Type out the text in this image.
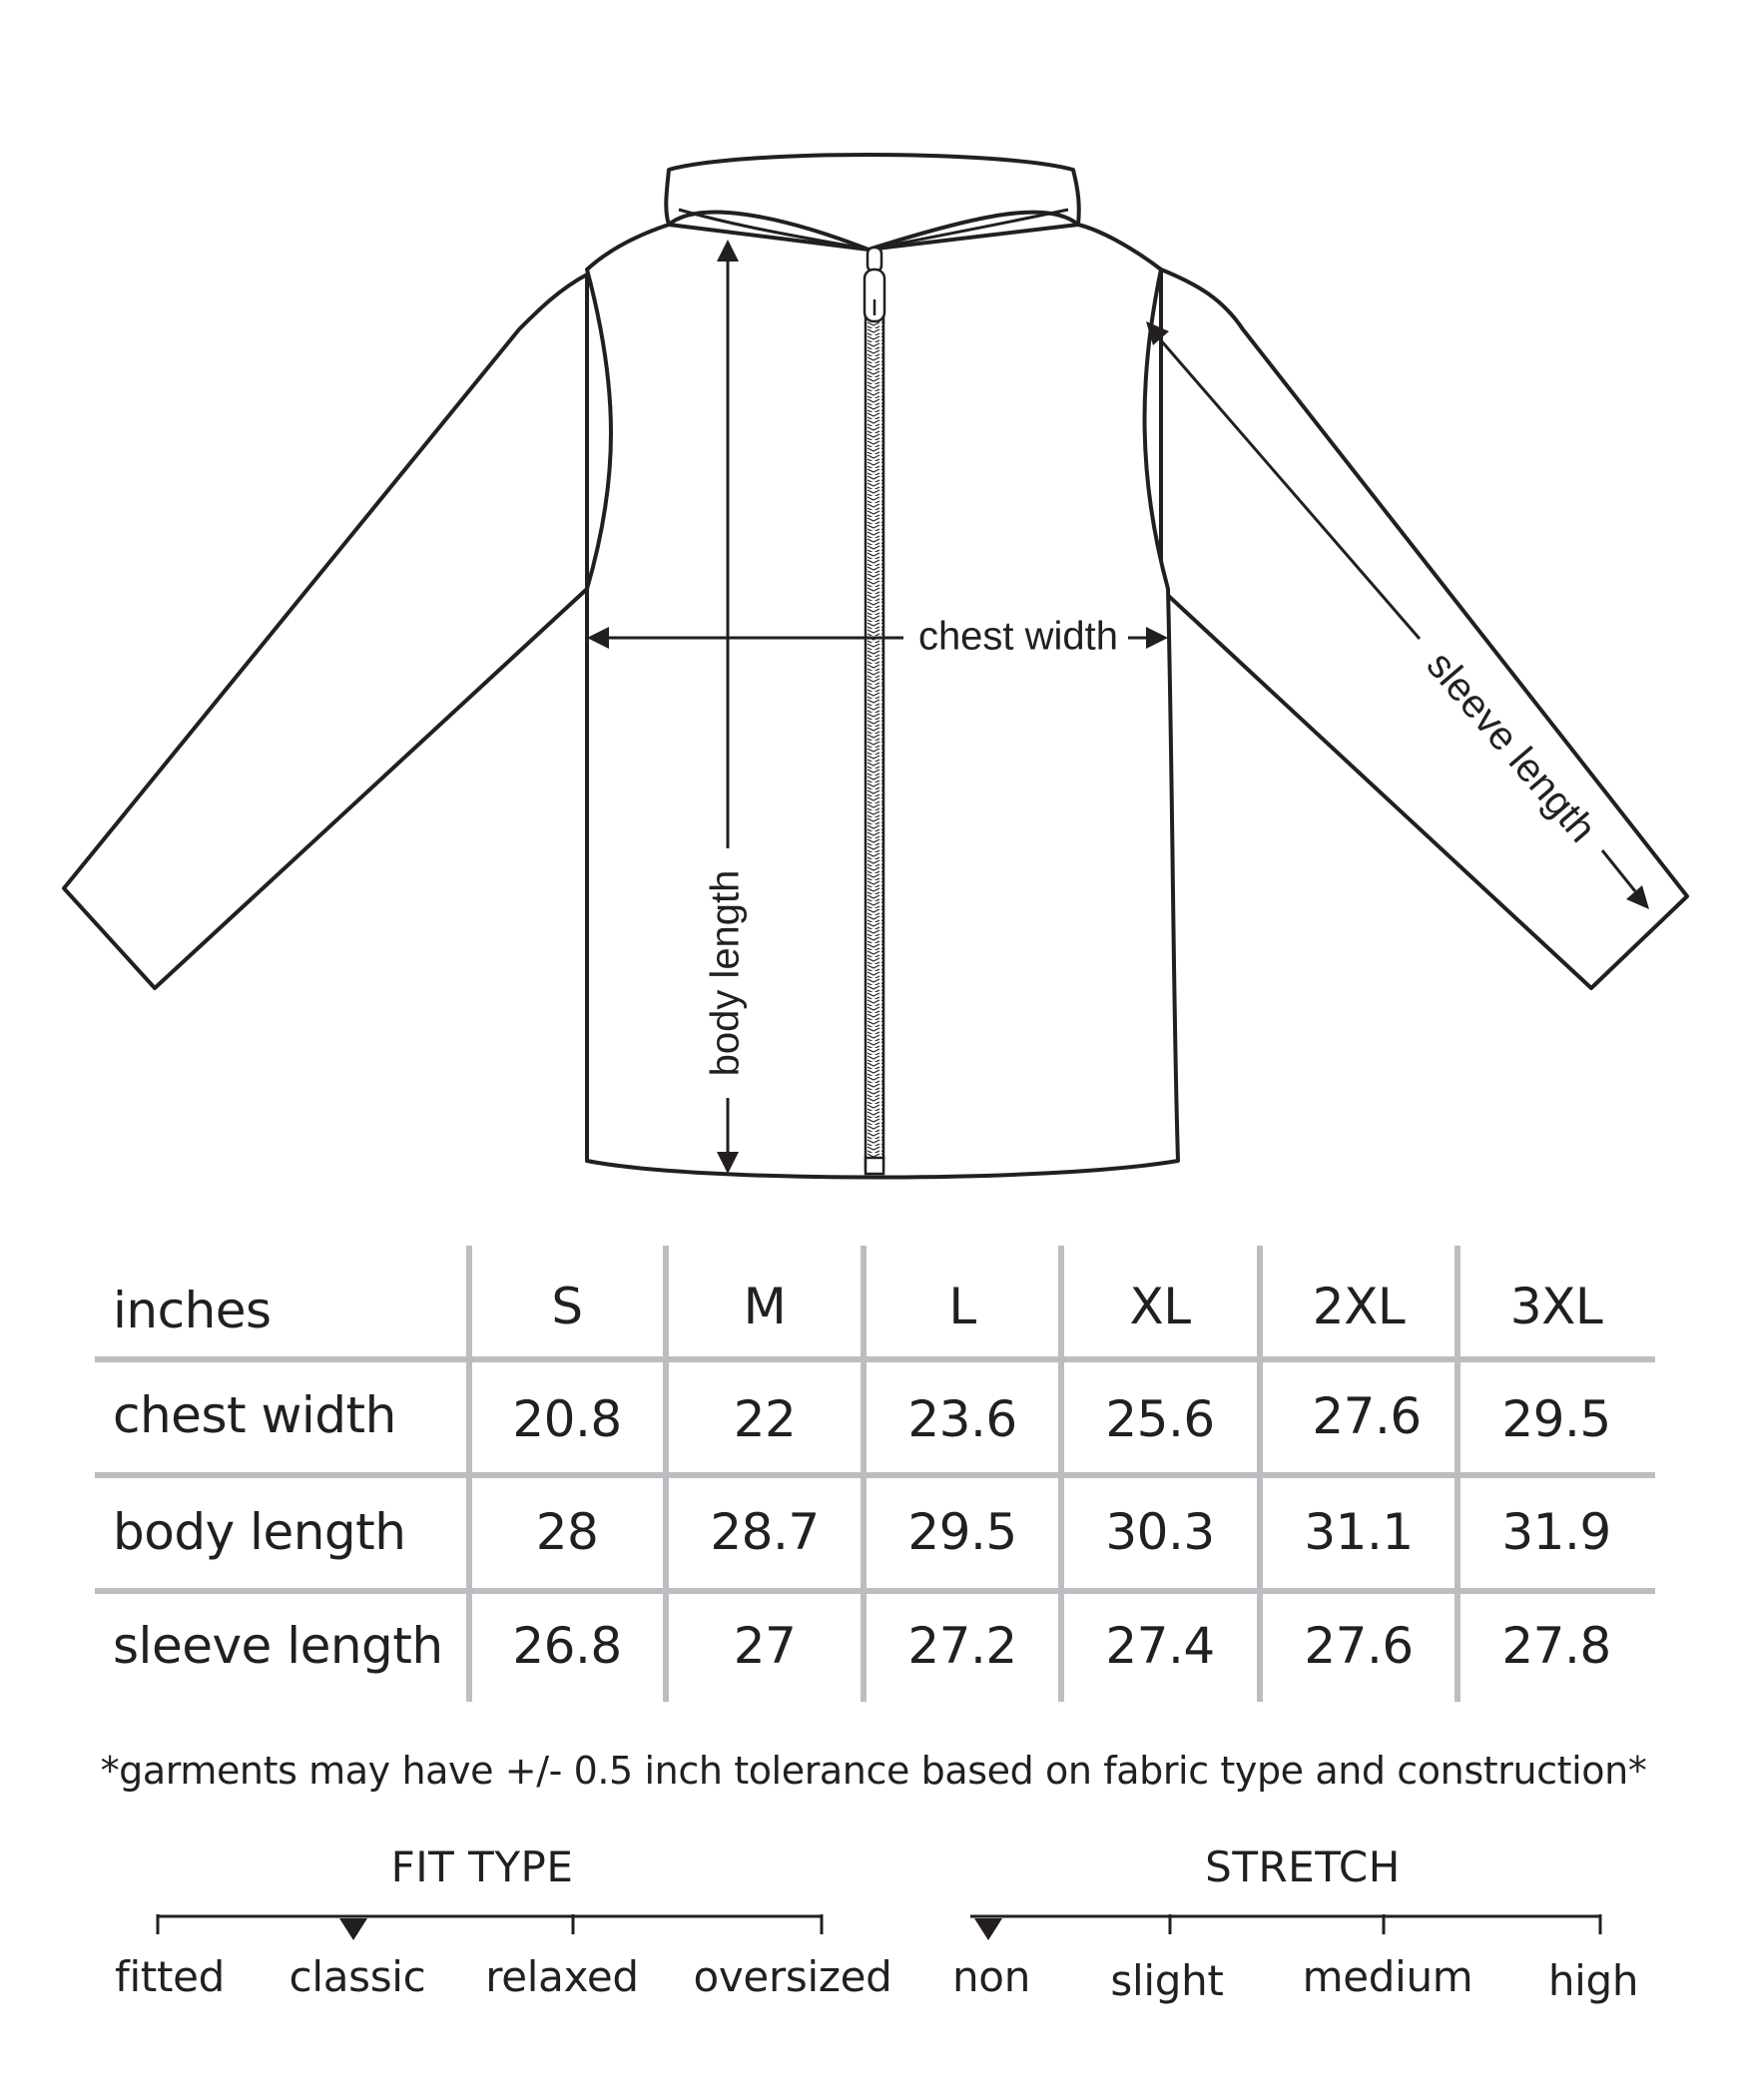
body length
chest width
sleeve length
inches	S	M	L	XL 2XL 3XL
chest width 20.8 22 23.6 25.6 27.6 29.5
body length	28 28.7 29.5 30.3 31.1 31.9
sleeve length 26.8 27 27.2 27.4 27.6 27.8
*garments may have +/- 0.5 inch tolerance based on fabric type and construction*
FIT TYPE
fitted classic relaxed oversized
STRETCH
non slight medium high
